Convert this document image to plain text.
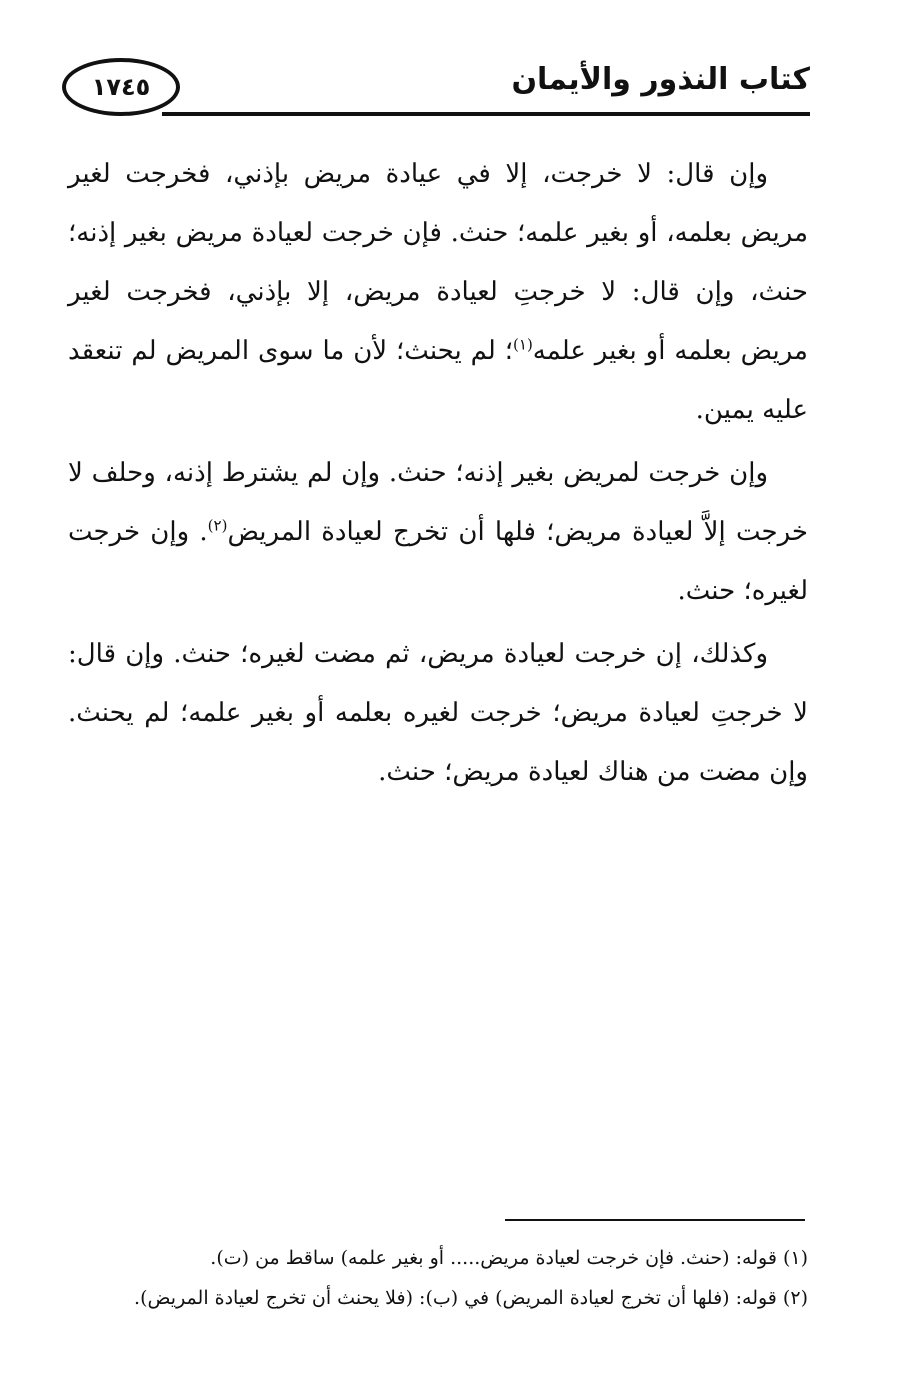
١٧٤٥	كتاب النذور والأيمان

وإن قال: لا خرجت، إلا في عيادة مريض بإذني، فخرجت لغير مريض بعلمه، أو بغير علمه؛ حنث. فإن خرجت لعيادة مريض بغير إذنه؛ حنث، وإن قال: لا خرجتِ لعيادة مريض، إلا بإذني، فخرجت لغير مريض بعلمه أو بغير علمه$^{(١)}$؛ لم يحنث؛ لأن ما سوى المريض لم تنعقد عليه يمين.

وإن خرجت لمريض بغير إذنه؛ حنث. وإن لم يشترط إذنه، وحلف لا خرجت إلاَّ لعيادة مريض؛ فلها أن تخرج لعيادة المريض$^{(٢)}$. وإن خرجت لغيره؛ حنث.

وكذلك، إن خرجت لعيادة مريض، ثم مضت لغيره؛ حنث. وإن قال: لا خرجتِ لعيادة مريض؛ خرجت لغيره بعلمه أو بغير علمه؛ لم يحنث. وإن مضت من هناك لعيادة مريض؛ حنث.

(١) قوله: (حنث. فإن خرجت لعيادة مريض..... أو بغير علمه) ساقط من (ت).
(٢) قوله: (فلها أن تخرج لعيادة المريض) في (ب): (فلا يحنث أن تخرج لعيادة المريض).
